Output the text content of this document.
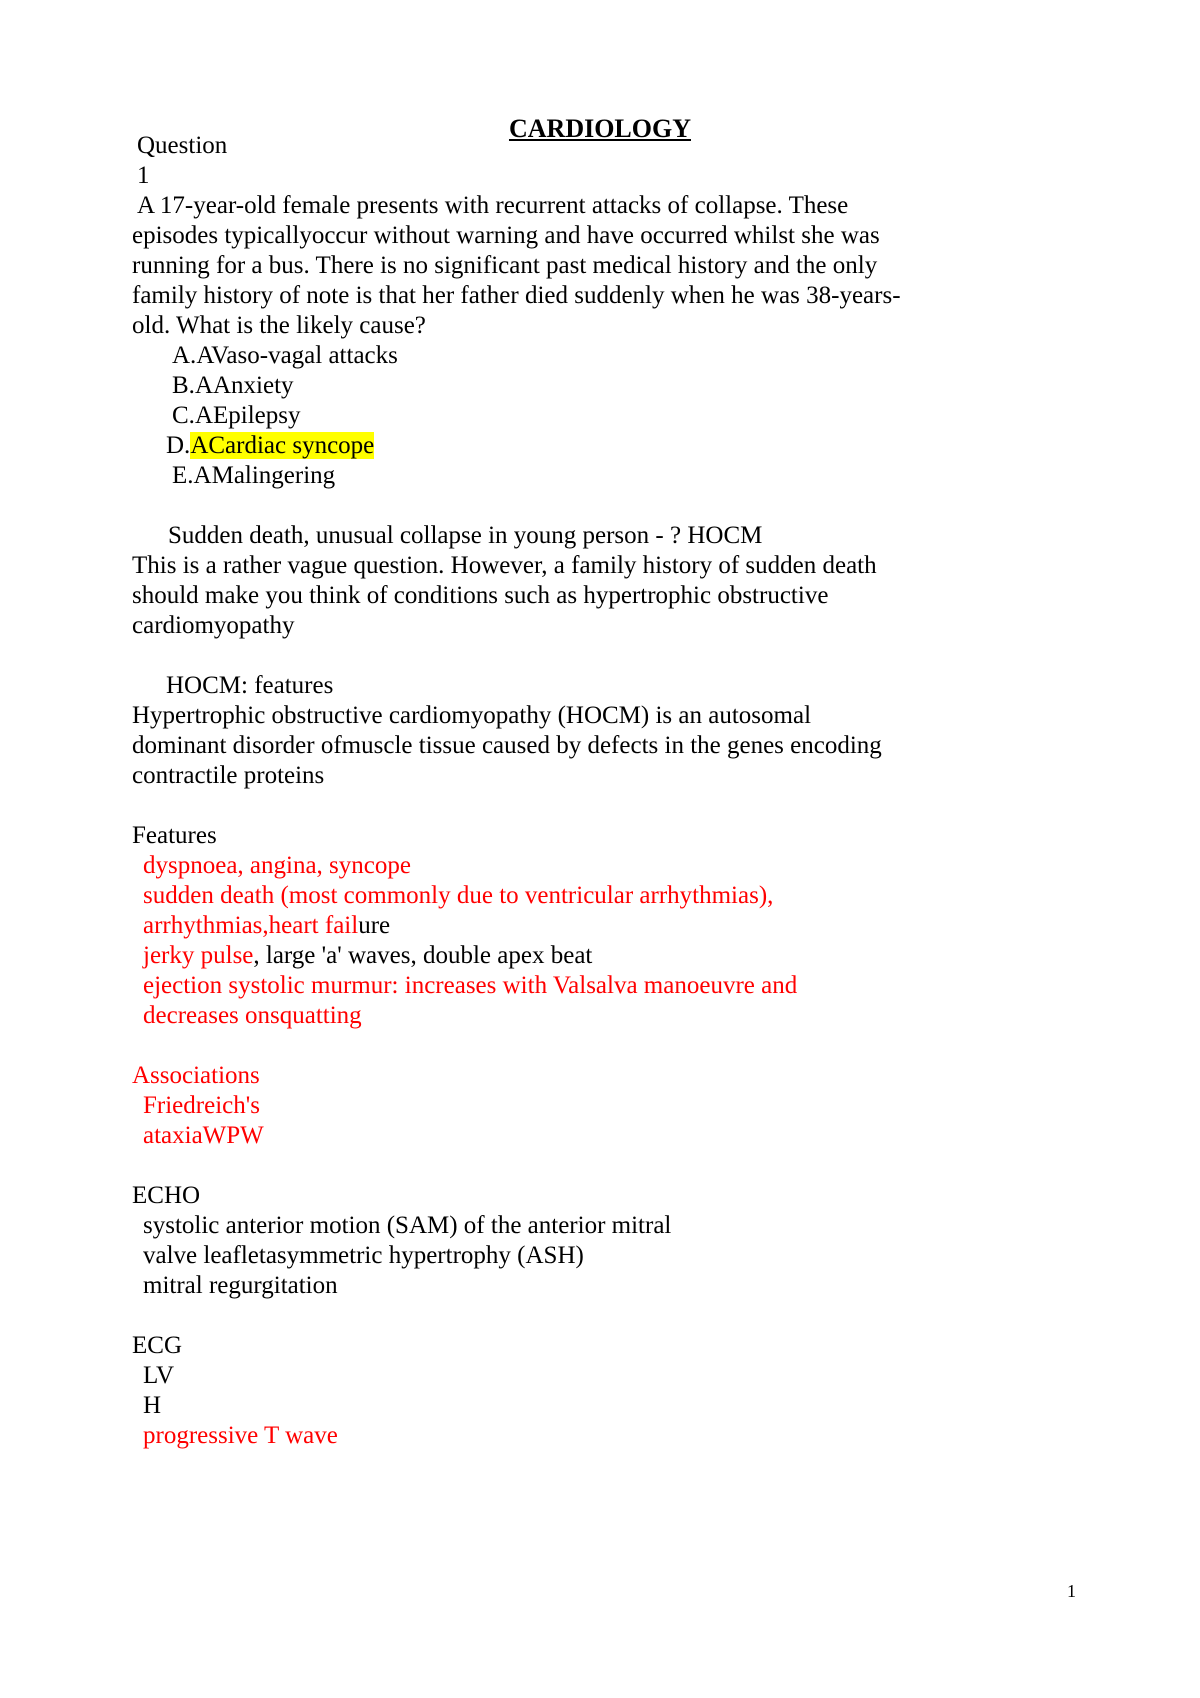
CARDIOLOGY
Question
1
A 17-year-old female presents with recurrent attacks of collapse. These
episodes typicallyoccur without warning and have occurred whilst she was
running for a bus. There is no significant past medical history and the only
family history of note is that her father died suddenly when he was 38-years-
old. What is the likely cause?
A.AVaso-vagal attacks
B.AAnxiety
C.AEpilepsy
D.ACardiac syncope
E.AMalingering
Sudden death, unusual collapse in young person - ? HOCM
This is a rather vague question. However, a family history of sudden death
should make you think of conditions such as hypertrophic obstructive
cardiomyopathy
HOCM: features
Hypertrophic obstructive cardiomyopathy (HOCM) is an autosomal
dominant disorder ofmuscle tissue caused by defects in the genes encoding
contractile proteins
Features
dyspnoea, angina, syncope
sudden death (most commonly due to ventricular arrhythmias),
arrhythmias,heart failure
jerky pulse, large 'a' waves, double apex beat
ejection systolic murmur: increases with Valsalva manoeuvre and
decreases onsquatting
Associations
Friedreich's
ataxiaWPW
ECHO
systolic anterior motion (SAM) of the anterior mitral
valve leafletasymmetric hypertrophy (ASH)
mitral regurgitation
ECG
LV
H
progressive T wave
1
